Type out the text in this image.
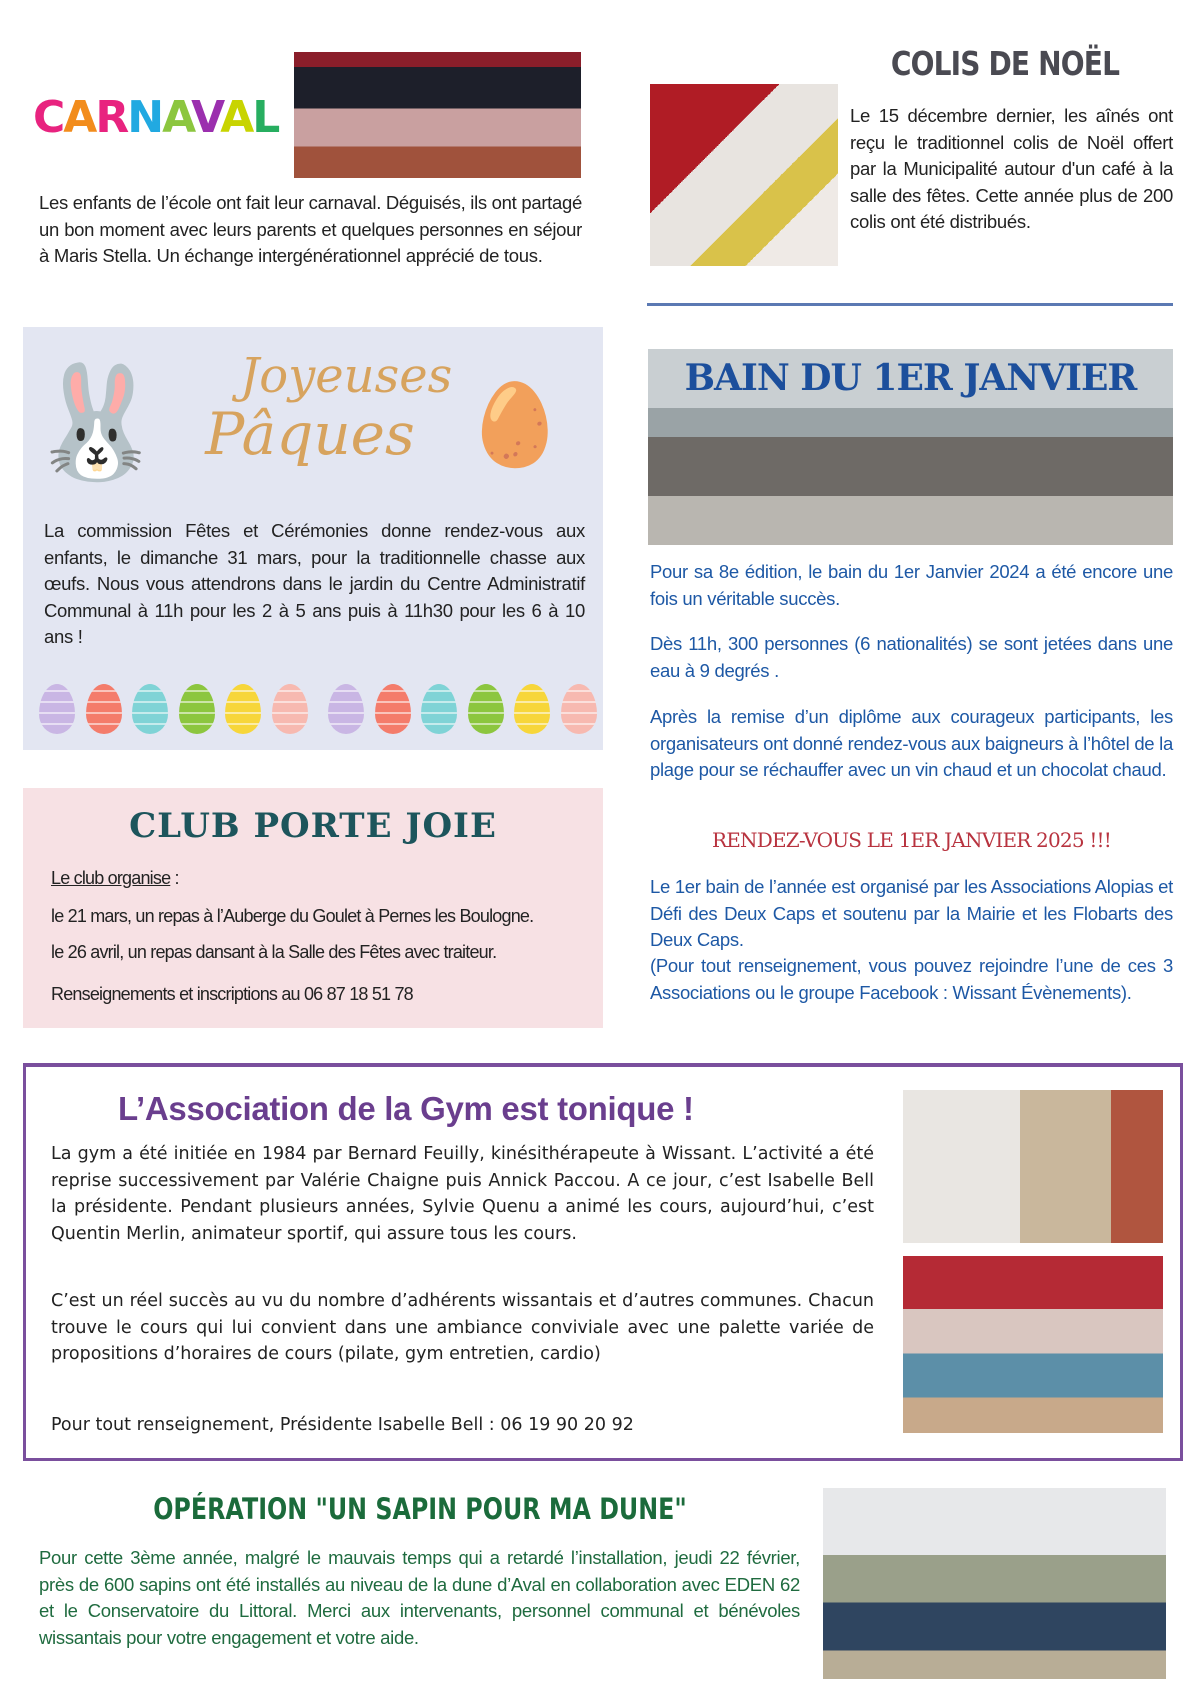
CARNAVAL
Les enfants de l’école ont fait leur carnaval. Déguisés, ils ont partagé un bon moment avec leurs parents et quelques personnes en séjour à Maris Stella. Un échange intergénérationnel apprécié de tous.
COLIS DE NOËL
Le 15 décembre dernier, les aînés ont reçu le traditionnel colis de Noël offert par la Municipalité autour d'un café à la salle des fêtes. Cette année plus de 200 colis ont été distribués.
🐰	Joyeuses
Pâques 🥚
La commission Fêtes et Cérémonies donne rendez-vous aux enfants, le dimanche 31 mars, pour la traditionnelle chasse aux œufs. Nous vous attendrons dans le jardin du Centre Administratif Communal à 11h pour les 2 à 5 ans puis à 11h30 pour les 6 à 10 ans !
CLUB PORTE JOIE
Le club organise :
le 21 mars, un repas à l’Auberge du Goulet à Pernes les Boulogne.
le 26 avril, un repas dansant à la Salle des Fêtes avec traiteur.
Renseignements et inscriptions au 06 87 18 51 78
BAIN DU 1ER JANVIER
Pour sa 8e édition, le bain du 1er Janvier 2024 a été encore une fois un véritable succès.
Dès 11h, 300 personnes (6 nationalités) se sont jetées dans une eau à 9 degrés .
Après la remise d’un diplôme aux courageux participants, les organisateurs ont donné rendez-vous aux baigneurs à l’hôtel de la plage pour se réchauffer avec un vin chaud et un chocolat chaud.
RENDEZ-VOUS LE 1ER JANVIER 2025 !!!
Le 1er bain de l’année est organisé par les Associations Alopias et Défi des Deux Caps et soutenu par la Mairie et les Flobarts des Deux Caps.
(Pour tout renseignement, vous pouvez rejoindre l’une de ces 3 Associations ou le groupe Facebook : Wissant Évènements).
L’Association de la Gym est tonique !
La gym a été initiée en 1984 par Bernard Feuilly, kinésithérapeute à Wissant. L’activité a été reprise successivement par Valérie Chaigne puis Annick Paccou. A ce jour, c’est Isabelle Bell la présidente. Pendant plusieurs années, Sylvie Quenu a animé les cours, aujourd’hui, c’est Quentin Merlin, animateur sportif, qui assure tous les cours.
C’est un réel succès au vu du nombre d’adhérents wissantais et d’autres communes. Chacun trouve le cours qui lui convient dans une ambiance conviviale avec une palette variée de propositions d’horaires de cours (pilate, gym entretien, cardio)
Pour tout renseignement, Présidente Isabelle Bell : 06 19 90 20 92
OPÉRATION "UN SAPIN POUR MA DUNE"
Pour cette 3ème année, malgré le mauvais temps qui a retardé l’installation, jeudi 22 février, près de 600 sapins ont été installés au niveau de la dune d’Aval en collaboration avec EDEN 62 et le Conservatoire du Littoral. Merci aux intervenants, personnel communal et bénévoles wissantais pour votre engagement et votre aide.
